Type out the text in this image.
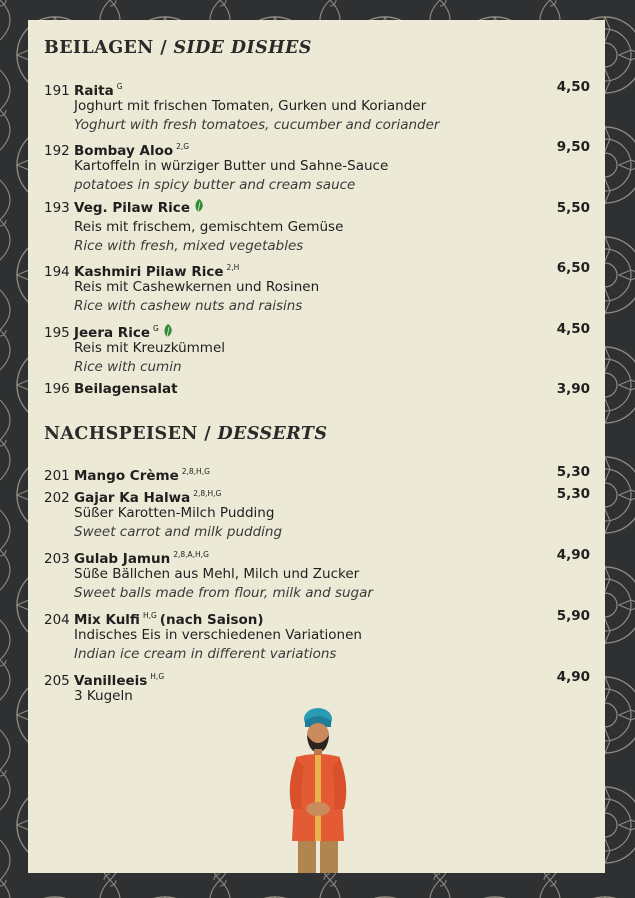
BEILAGEN / SIDE DISHES
191 Raita $^G$	4,50
Joghurt mit frischen Tomaten, Gurken und Koriander
Yoghurt with fresh tomatoes, cucumber and coriander
192 Bombay Aloo $^{2,G}$	9,50
Kartoffeln in würziger Butter und Sahne-Sauce
potatoes in spicy butter and cream sauce
193 Veg. Pilaw Rice	5,50
Reis mit frischem, gemischtem Gemüse
Rice with fresh, mixed vegetables
194 Kashmiri Pilaw Rice $^{2,H}$	6,50
Reis mit Cashewkernen und Rosinen
Rice with cashew nuts and raisins
195 Jeera Rice $^G$	4,50
Reis mit Kreuzkümmel
Rice with cumin
196 Beilagensalat	3,90
NACHSPEISEN / DESSERTS
201 Mango Crème $^{2,8,H,G}$	5,30
202 Gajar Ka Halwa $^{2,8,H,G}$	5,30
Süßer Karotten-Milch Pudding
Sweet carrot and milk pudding
203 Gulab Jamun $^{2,8,A,H,G}$	4,90
Süße Bällchen aus Mehl, Milch und Zucker
Sweet balls made from flour, milk and sugar
204 Mix Kulfi $^{H,G}$ (nach Saison)	5,90
Indisches Eis in verschiedenen Variationen
Indian ice cream in different variations
205 Vanilleeis $^{H,G}$	4,90
3 Kugeln
